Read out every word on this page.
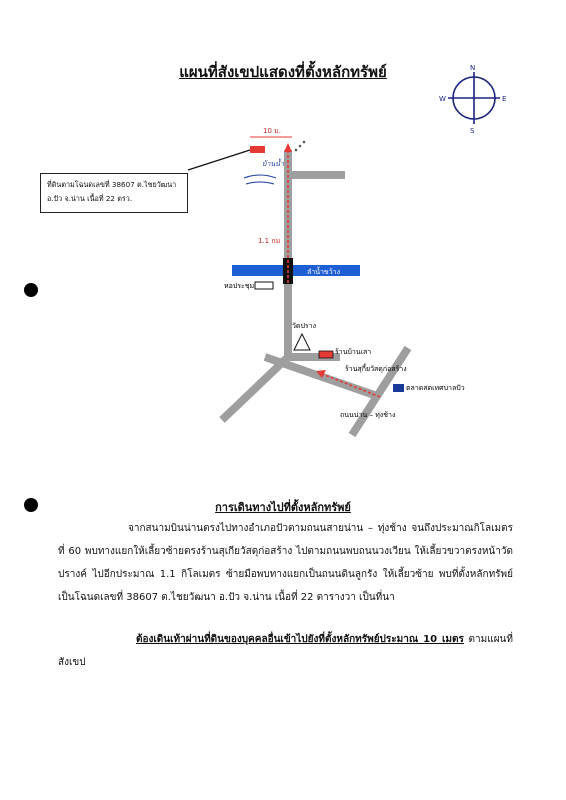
แผนที่สังเขปแสดงที่ตั้งหลักทรัพย์	N
S
E
W
10 ม.
บ้านน้ำ
1.1 กม
ลำน้ำขว้าง
หอประชุม
วัดปราง
ร้านบ้านเสา
ร้านสุกี้ยวัสดุก่อสร้าง
ตลาดสดเทศบาลปัว
ถนนน่าน – ทุ่งช้าง
ที่ดินตามโฉนดเลขที่ 38607 ต.ไชยวัฒนา
อ.ปัว จ.น่าน เนื้อที่ 22 ตรว.
การเดินทางไปที่ตั้งหลักทรัพย์
จากสนามบินน่านตรงไปทางอำเภอปัวตามถนนสายน่าน – ทุ่งช้าง จนถึงประมาณกิโลเมตรที่ 60 พบทางแยกให้เลี้ยวซ้ายตรงร้านสุเกียวัสดุก่อสร้าง ไปตามถนนพบถนนวงเวียน ให้เลี้ยวขวาตรงหน้าวัดปรางค์ ไปอีกประมาณ 1.1 กิโลเมตร ซ้ายมือพบทางแยกเป็นถนนดินลูกรัง ให้เลี้ยวซ้าย พบที่ตั้งหลักทรัพย์เป็นโฉนดเลขที่ 38607 ต.ไชยวัฒนา อ.ปัว จ.น่าน เนื้อที่ 22 ตารางวา เป็นที่นา
ต้องเดินเท้าผ่านที่ดินของบุคคลอื่นเข้าไปยังที่ตั้งหลักทรัพย์ประมาณ 10 เมตร ตามแผนที่สังเขป
